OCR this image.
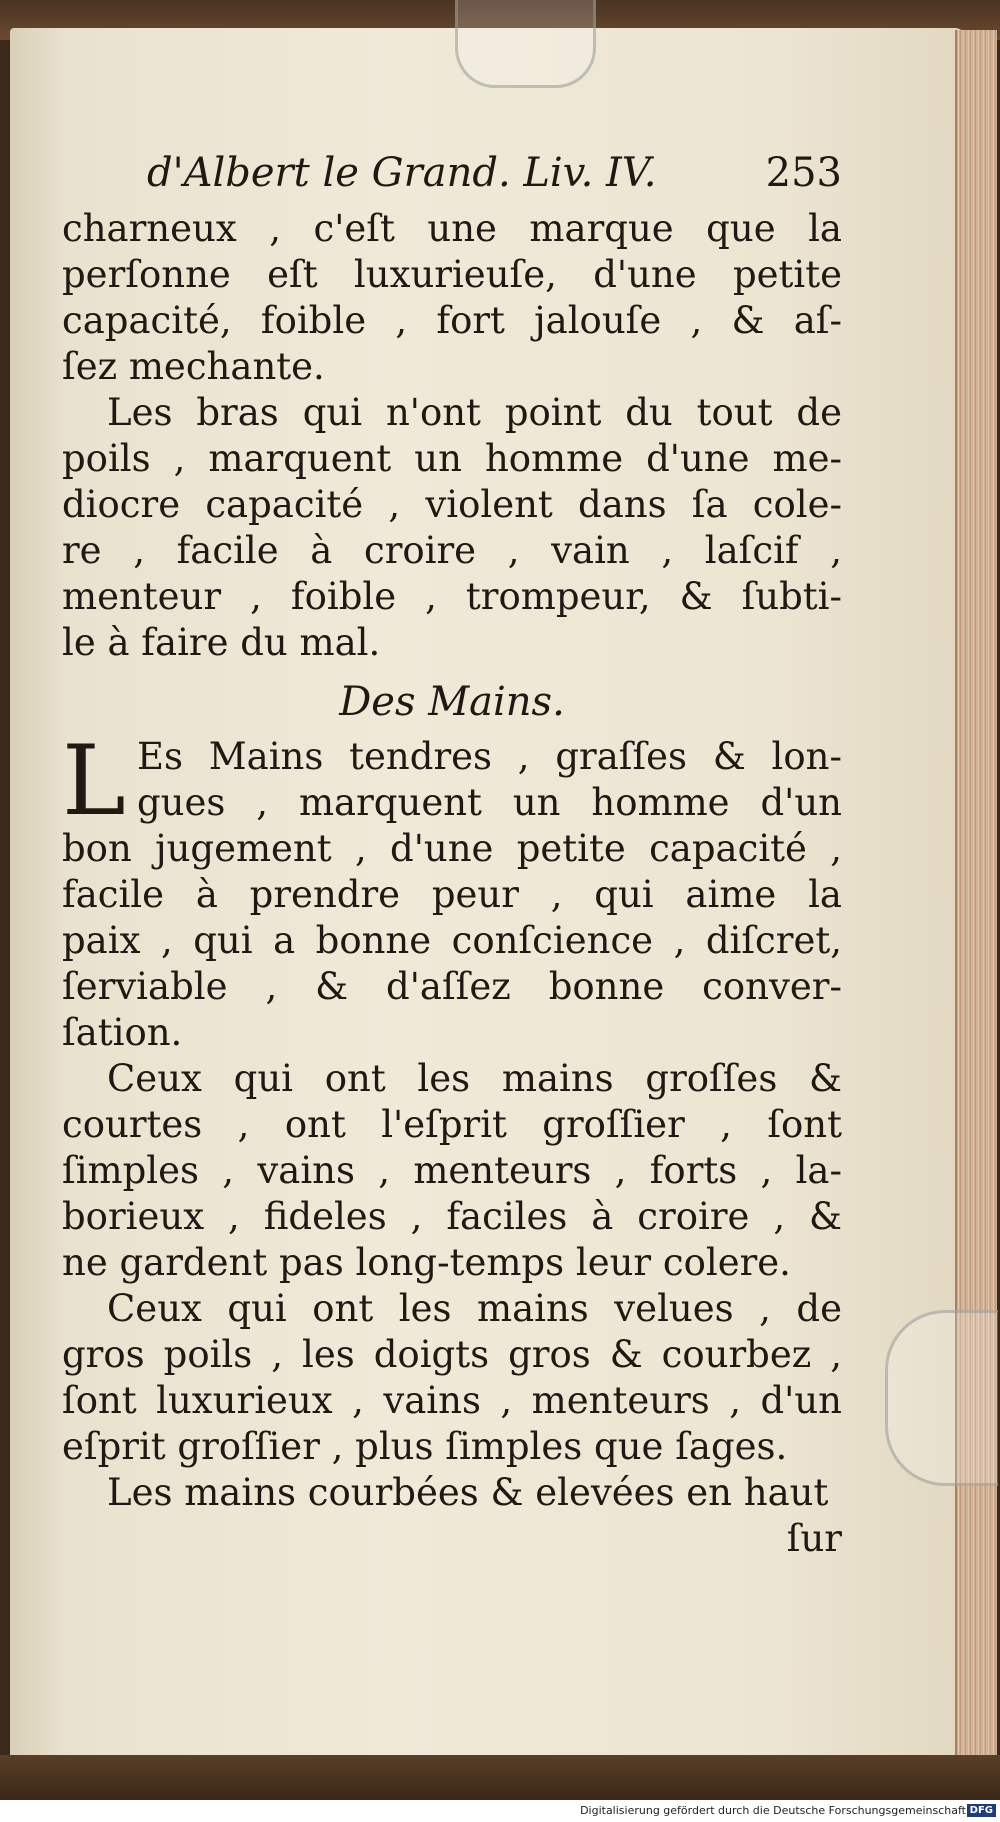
d'Albert le Grand. Liv. IV.	253
charneux , c'eſt une marque que la
perſonne eſt luxurieuſe, d'une petite
capacité, foible , fort jalouſe , & aſ-
ſez mechante.
Les bras qui n'ont point du tout de
poils , marquent un homme d'une me-
diocre capacité , violent dans ſa cole-
re , facile à croire , vain , laſcif ,
menteur , foible , trompeur, & ſubti-
le à faire du mal.
Des Mains.
L Es Mains tendres , graſſes & lon-
gues , marquent un homme d'un
bon jugement , d'une petite capacité ,
facile à prendre peur , qui aime la
paix , qui a bonne conſcience , diſcret,
ſerviable , & d'aſſez bonne conver-
ſation.
Ceux qui ont les mains groſſes &
courtes , ont l'eſprit groſſier , ſont
ſimples , vains , menteurs , forts , la-
borieux , fideles , faciles à croire , &
ne gardent pas long-temps leur colere.
Ceux qui ont les mains velues , de
gros poils , les doigts gros & courbez ,
ſont luxurieux , vains , menteurs , d'un
eſprit groſſier , plus ſimples que ſages.
Les mains courbées & elevées en haut
ſur
Digitalisierung gefördert durch die Deutsche Forschungsgemeinschaft DFG
